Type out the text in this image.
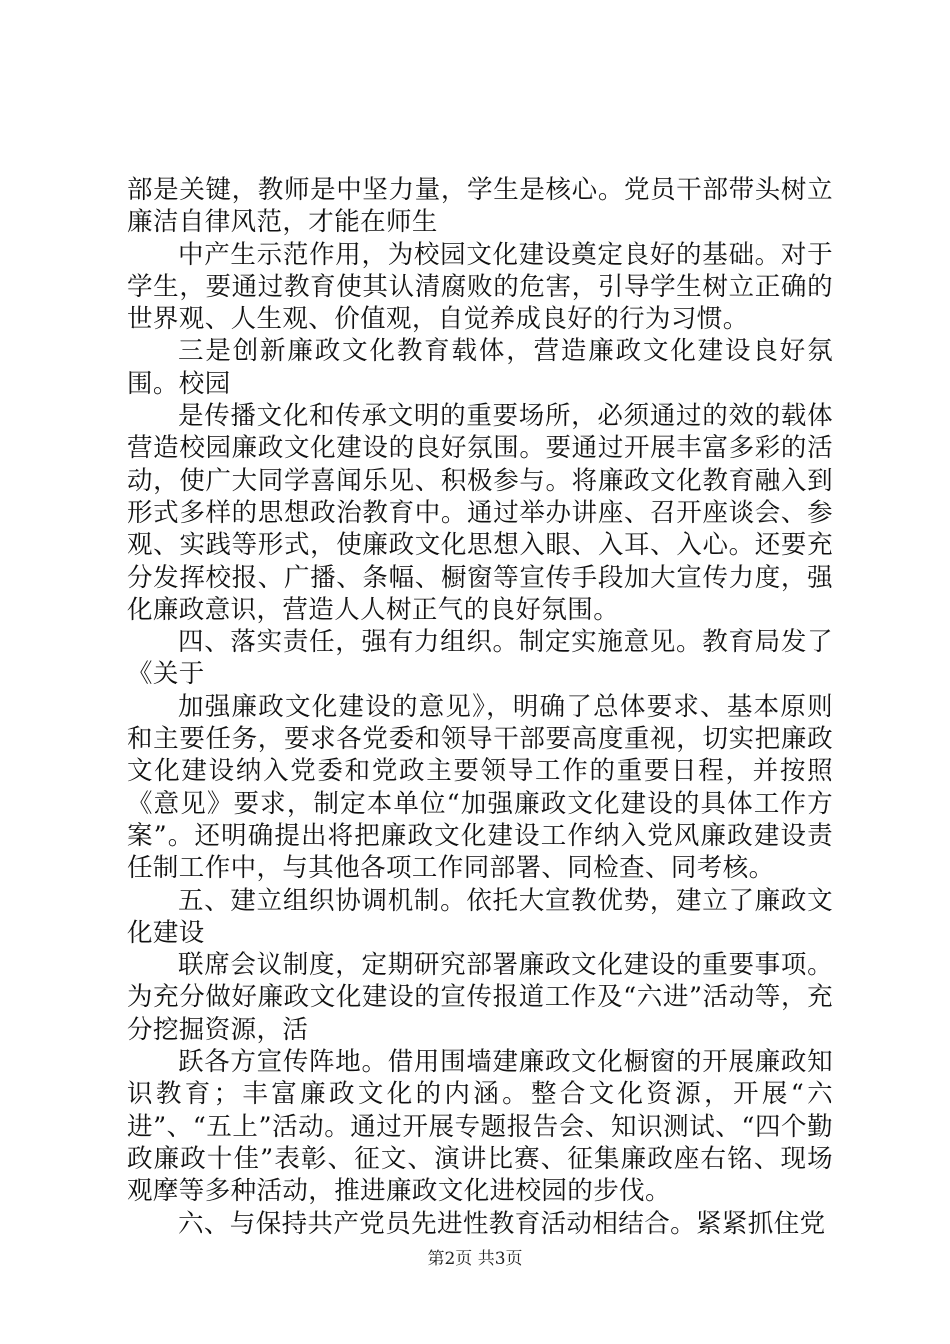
部是关键，教师是中坚力量，学生是核心。党员干部带头树立廉洁自律风范，才能在师生

中产生示范作用，为校园文化建设奠定良好的基础。对于学生，要通过教育使其认清腐败的危害，引导学生树立正确的世界观、人生观、价值观，自觉养成良好的行为习惯。

三是创新廉政文化教育载体，营造廉政文化建设良好氛围。校园

是传播文化和传承文明的重要场所，必须通过的效的载体营造校园廉政文化建设的良好氛围。要通过开展丰富多彩的活动，使广大同学喜闻乐见、积极参与。将廉政文化教育融入到形式多样的思想政治教育中。通过举办讲座、召开座谈会、参观、实践等形式，使廉政文化思想入眼、入耳、入心。还要充分发挥校报、广播、条幅、橱窗等宣传手段加大宣传力度，强化廉政意识，营造人人树正气的良好氛围。

四、落实责任，强有力组织。制定实施意见。教育局发了《关于

加强廉政文化建设的意见》，明确了总体要求、基本原则和主要任务，要求各党委和领导干部要高度重视，切实把廉政文化建设纳入党委和党政主要领导工作的重要日程，并按照《意见》要求，制定本单位“加强廉政文化建设的具体工作方案”。还明确提出将把廉政文化建设工作纳入党风廉政建设责任制工作中，与其他各项工作同部署、同检查、同考核。

五、建立组织协调机制。依托大宣教优势，建立了廉政文化建设

联席会议制度，定期研究部署廉政文化建设的重要事项。为充分做好廉政文化建设的宣传报道工作及“六进”活动等，充分挖掘资源，活

跃各方宣传阵地。借用围墙建廉政文化橱窗的开展廉政知识教育；丰富廉政文化的内涵。整合文化资源，开展“六进”、“五上”活动。通过开展专题报告会、知识测试、“四个勤政廉政十佳”表彰、征文、演讲比赛、征集廉政座右铭、现场观摩等多种活动，推进廉政文化进校园的步伐。

六、与保持共产党员先进性教育活动相结合。紧紧抓住党

第2页 共3页
